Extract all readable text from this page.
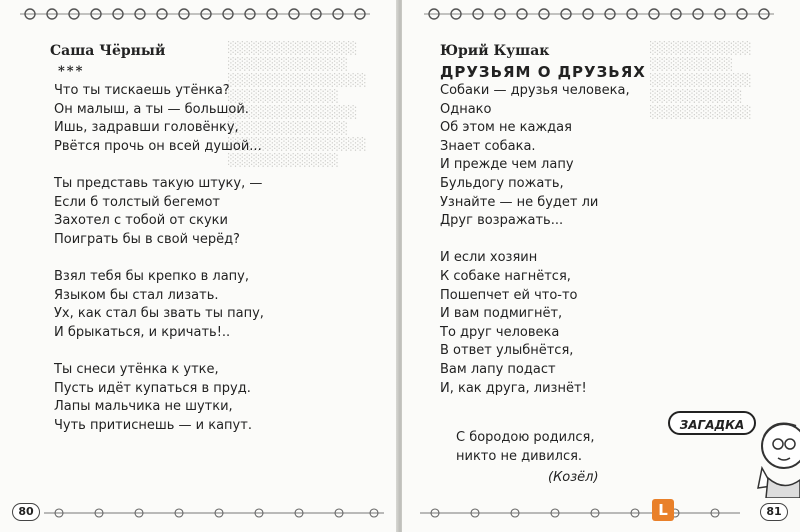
░░░░░░░░░░░░░░
░░░░░░░░░░░░░
░░░░░░░░░░░░░░░
░░░░░░░░░░░░
░░░░░░░░░░░░░░
░░░░░░░░░░░░░
░░░░░░░░░░░░░░░
░░░░░░░░░░░░
Саша Чёрный
***
Что ты тискаешь утёнка?
Он малыш, а ты — большой.
Ишь, задравши головёнку,
Рвётся прочь он всей душой...
Ты представь такую штуку, —
Если б толстый бегемот
Захотел с тобой от скуки
Поиграть бы в свой черёд?
Взял тебя бы крепко в лапу,
Языком бы стал лизать.
Ух, как стал бы звать ты папу,
И брыкаться, и кричать!..
Ты снеси утёнка к утке,
Пусть идёт купаться в пруд.
Лапы мальчика не шутки,
Чуть притиснешь — и капут.
80
░░░░░░░░░░░
░░░░░░░░░
░░░░░░░░░░░
░░░░░░░░░░
░░░░░░░░░░░
Юрий Кушак
ДРУЗЬЯМ О ДРУЗЬЯХ
Собаки — друзья человека,
Однако
Об этом не каждая
Знает собака.
И прежде чем лапу
Бульдогу пожать,
Узнайте — не будет ли
Друг возражать...
И если хозяин
К собаке нагнётся,
Пошепчет ей что-то
И вам подмигнёт,
То друг человека
В ответ улыбнётся,
Вам лапу подаст
И, как друга, лизнёт!
ЗАГАДКА
С бородою родился,
никто не дивился.
(Козёл)
81
L
